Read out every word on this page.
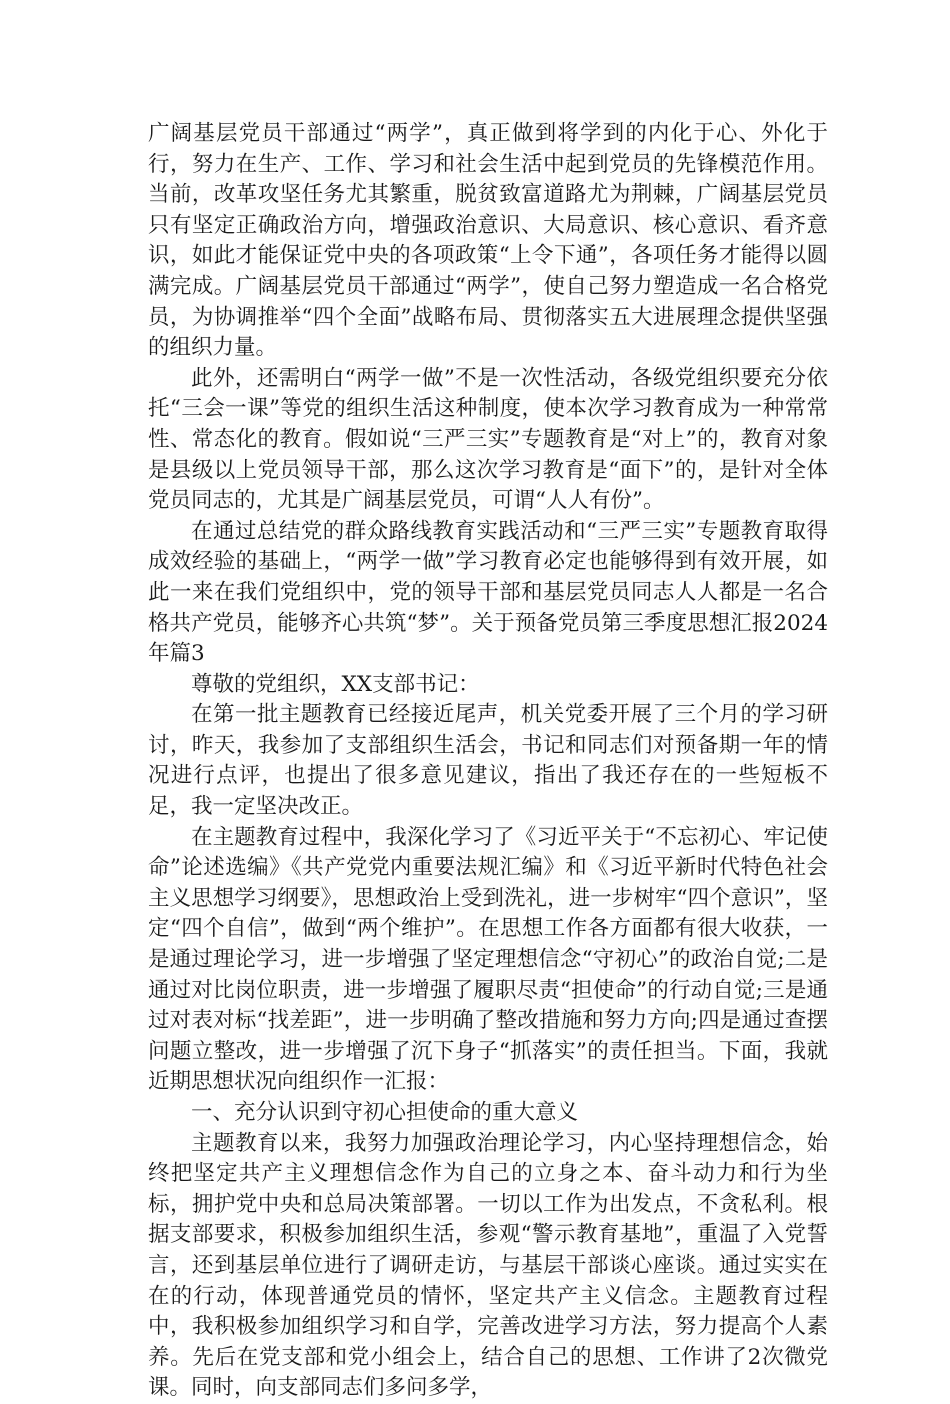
广阔基层党员干部通过“两学”，真正做到将学到的内化于心、外化于行，努力在生产、工作、学习和社会生活中起到党员的先锋模范作用。当前，改革攻坚任务尤其繁重，脱贫致富道路尤为荆棘，广阔基层党员只有坚定正确政治方向，增强政治意识、大局意识、核心意识、看齐意识，如此才能保证党中央的各项政策“上令下通”，各项任务才能得以圆满完成。广阔基层党员干部通过“两学”，使自己努力塑造成一名合格党员，为协调推举“四个全面”战略布局、贯彻落实五大进展理念提供坚强的组织力量。

此外，还需明白“两学一做”不是一次性活动，各级党组织要充分依托“三会一课”等党的组织生活这种制度，使本次学习教育成为一种常常性、常态化的教育。假如说“三严三实”专题教育是“对上”的，教育对象是县级以上党员领导干部，那么这次学习教育是“面下”的，是针对全体党员同志的，尤其是广阔基层党员，可谓“人人有份”。

在通过总结党的群众路线教育实践活动和“三严三实”专题教育取得成效经验的基础上，“两学一做”学习教育必定也能够得到有效开展，如此一来在我们党组织中，党的领导干部和基层党员同志人人都是一名合格共产党员，能够齐心共筑“梦”。关于预备党员第三季度思想汇报2024年篇3

尊敬的党组织，XX支部书记：

在第一批主题教育已经接近尾声，机关党委开展了三个月的学习研讨，昨天，我参加了支部组织生活会，书记和同志们对预备期一年的情况进行点评，也提出了很多意见建议，指出了我还存在的一些短板不足，我一定坚决改正。

在主题教育过程中，我深化学习了《习近平关于“不忘初心、牢记使命”论述选编》《共产党党内重要法规汇编》和《习近平新时代特色社会主义思想学习纲要》，思想政治上受到洗礼，进一步树牢“四个意识”，坚定“四个自信”，做到“两个维护”。在思想工作各方面都有很大收获，一是通过理论学习，进一步增强了坚定理想信念“守初心”的政治自觉;二是通过对比岗位职责，进一步增强了履职尽责“担使命”的行动自觉;三是通过对表对标“找差距”，进一步明确了整改措施和努力方向;四是通过查摆问题立整改，进一步增强了沉下身子“抓落实”的责任担当。下面，我就近期思想状况向组织作一汇报：

一、充分认识到守初心担使命的重大意义

主题教育以来，我努力加强政治理论学习，内心坚持理想信念，始终把坚定共产主义理想信念作为自己的立身之本、奋斗动力和行为坐标，拥护党中央和总局决策部署。一切以工作为出发点，不贪私利。根据支部要求，积极参加组织生活，参观“警示教育基地”，重温了入党誓言，还到基层单位进行了调研走访，与基层干部谈心座谈。通过实实在在的行动，体现普通党员的情怀，坚定共产主义信念。主题教育过程中，我积极参加组织学习和自学，完善改进学习方法，努力提高个人素养。先后在党支部和党小组会上，结合自己的思想、工作讲了2次微党课。同时，向支部同志们多问多学，
